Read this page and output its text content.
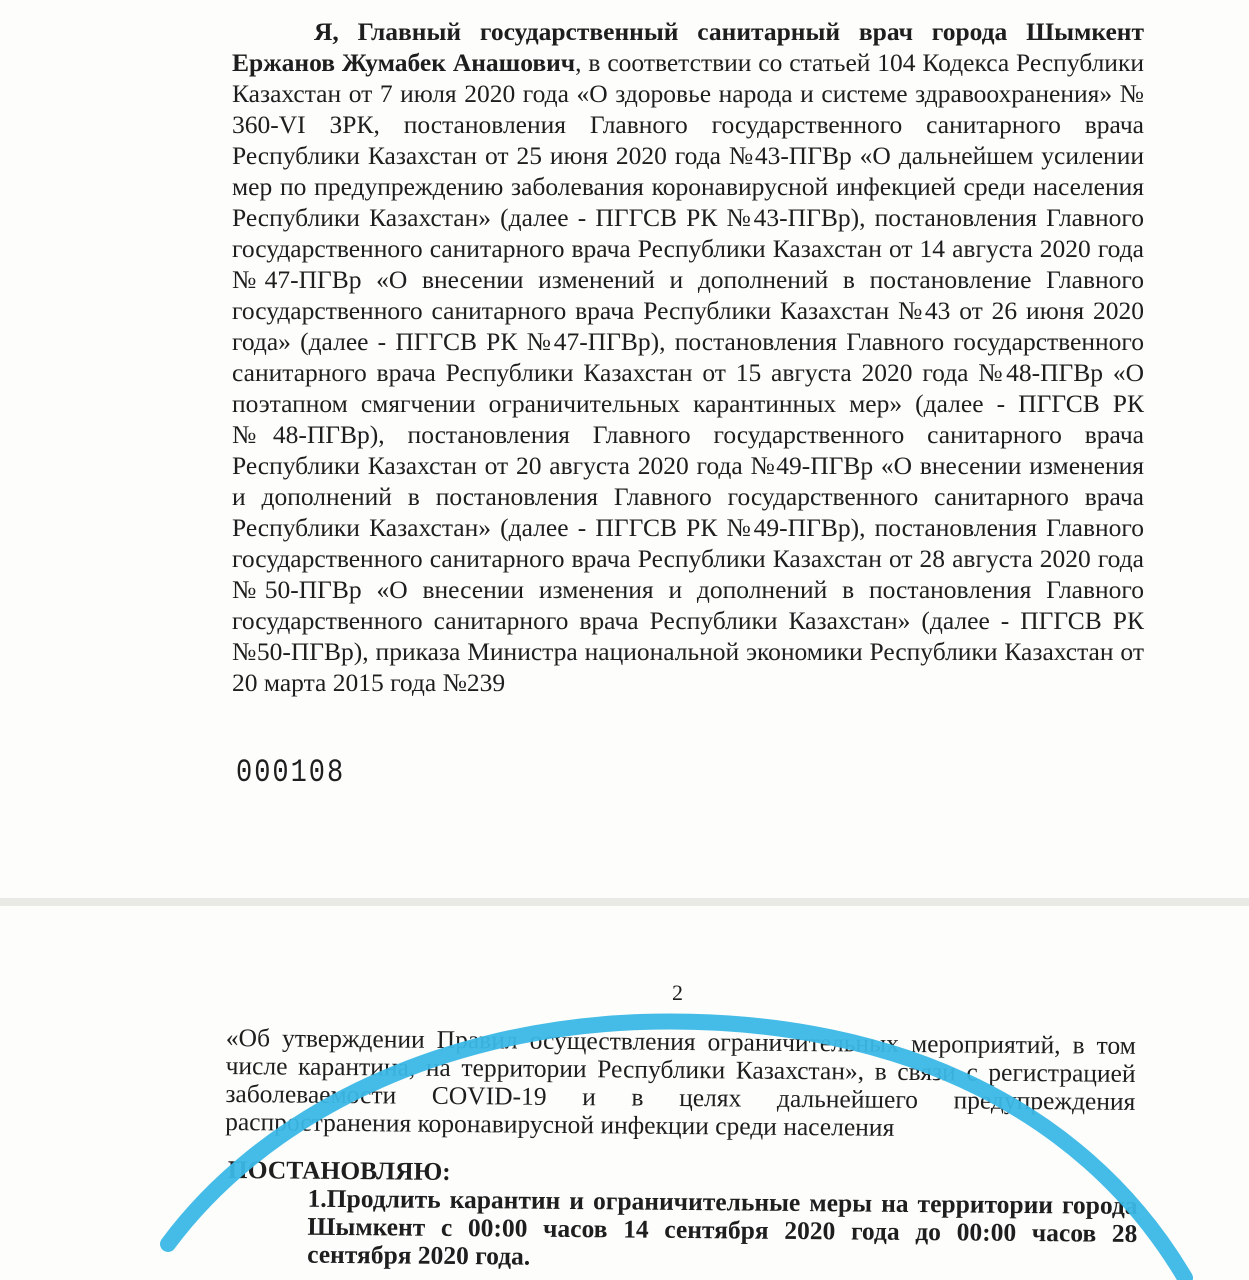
Я, Главный государственный санитарный врач города Шымкент Ержанов Жумабек Анашович, в соответствии со статьей 104 Кодекса Республики Казахстан от 7 июля 2020 года «О здоровье народа и системе здравоохранения» № 360-VI ЗРК, постановления Главного государственного санитарного врача Республики Казахстан от 25 июня 2020 года №43-ПГВр «О дальнейшем усилении мер по предупреждению заболевания коронавирусной инфекцией среди населения Республики Казахстан» (далее - ПГГСВ РК №43-ПГВр), постановления Главного государственного санитарного врача Республики Казахстан от 14 августа 2020 года №47-ПГВр «О внесении изменений и дополнений в постановление Главного государственного санитарного врача Республики Казахстан №43 от 26 июня 2020 года» (далее - ПГГСВ РК №47-ПГВр), постановления Главного государственного санитарного врача Республики Казахстан от 15 августа 2020 года №48-ПГВр «О поэтапном смягчении ограничительных карантинных мер» (далее - ПГГСВ РК №48-ПГВр), постановления Главного государственного санитарного врача Республики Казахстан от 20 августа 2020 года №49-ПГВр «О внесении изменения и дополнений в постановления Главного государственного санитарного врача Республики Казахстан» (далее - ПГГСВ РК №49-ПГВр), постановления Главного государственного санитарного врача Республики Казахстан от 28 августа 2020 года №50-ПГВр «О внесении изменения и дополнений в постановления Главного государственного санитарного врача Республики Казахстан» (далее - ПГГСВ РК №50-ПГВр), приказа Министра национальной экономики Республики Казахстан от 20 марта 2015 года №239
000108
2
«Об утверждении Правил осуществления ограничительных мероприятий, в том числе карантина, на территории Республики Казахстан», в связи с регистрацией заболеваемости COVID-19 и в целях дальнейшего предупреждения распространения коронавирусной инфекции среди населения
ПОСТАНОВЛЯЮ:
1.Продлить карантин и ограничительные меры на территории города Шымкент с 00:00 часов 14 сентября 2020 года до 00:00 часов 28 сентября 2020 года.
